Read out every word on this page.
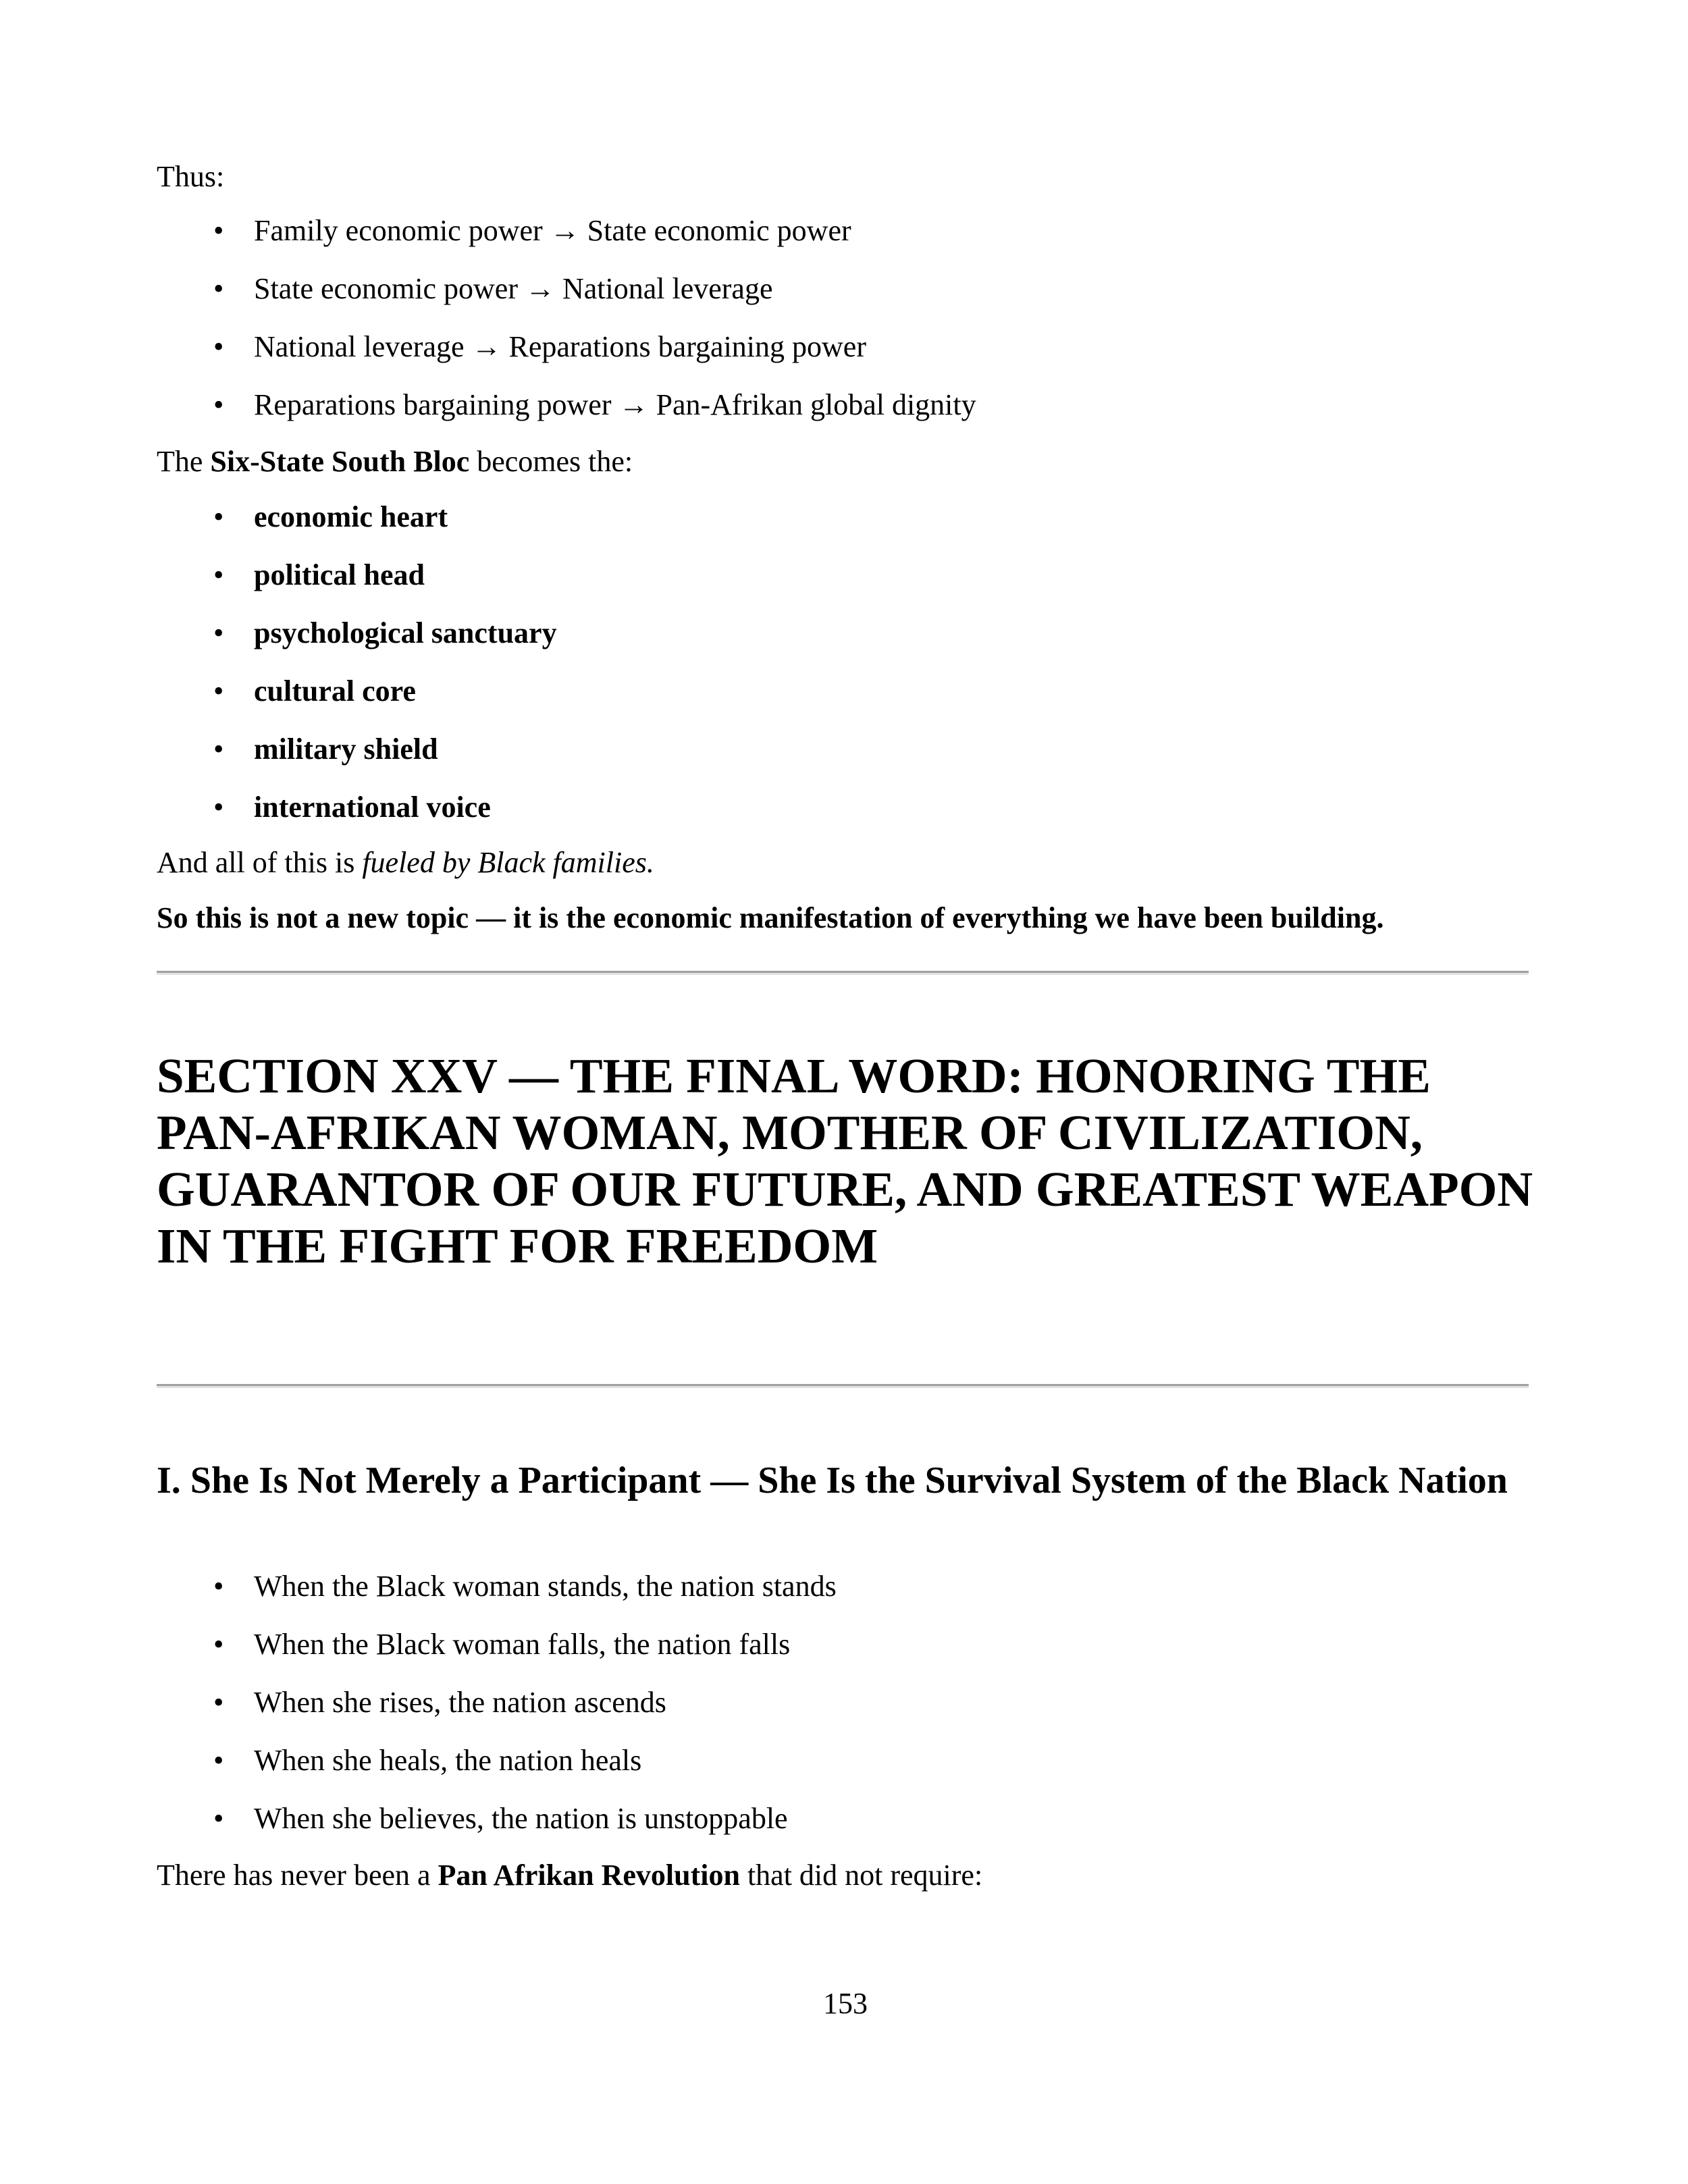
Thus:
• Family economic power → State economic power
• State economic power → National leverage
• National leverage → Reparations bargaining power
• Reparations bargaining power → Pan-Afrikan global dignity
The Six-State South Bloc becomes the:
• economic heart
• political head
• psychological sanctuary
• cultural core
• military shield
• international voice
And all of this is fueled by Black families.
So this is not a new topic — it is the economic manifestation of everything we have been building.
SECTION XXV — THE FINAL WORD: HONORING THE PAN-AFRIKAN WOMAN, MOTHER OF CIVILIZATION, GUARANTOR OF OUR FUTURE, AND GREATEST WEAPON IN THE FIGHT FOR FREEDOM
I. She Is Not Merely a Participant — She Is the Survival System of the Black Nation
• When the Black woman stands, the nation stands
• When the Black woman falls, the nation falls
• When she rises, the nation ascends
• When she heals, the nation heals
• When she believes, the nation is unstoppable
There has never been a Pan Afrikan Revolution that did not require:
153
